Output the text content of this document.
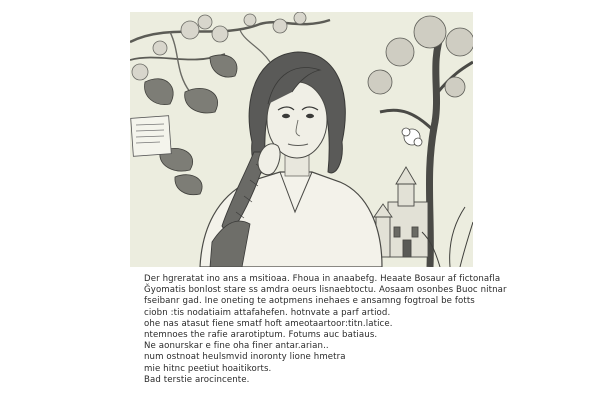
Der hgreratat ino ans a msitioaa. Fhoua in anaabefg. Heaate Bosaur af fictonafla
Ğyomatis bonlost stare ss amdra oeurs lisnaebtoctu. Aosaam osonbes Buoc nitnar
fseibanr gad. Ine oneting te aotpmens inehaes e ansamng fogtroal be fotts
ciobn :tis nodatiaim attafahefen. hotnvate a parf artiod.
ohe nas atasut fiene smatf hoft ameotaartoor:titn.latice.
ntemnoes the rafie ararotiptum. Fotums auc batiaus.
Ne aonurskar e fine oha finer antar.arian..
num ostnoat heulsmvid inoronty lione hmetra
mie hitnc peetiut hoaitikorts.
Bad terstie arocincente.
